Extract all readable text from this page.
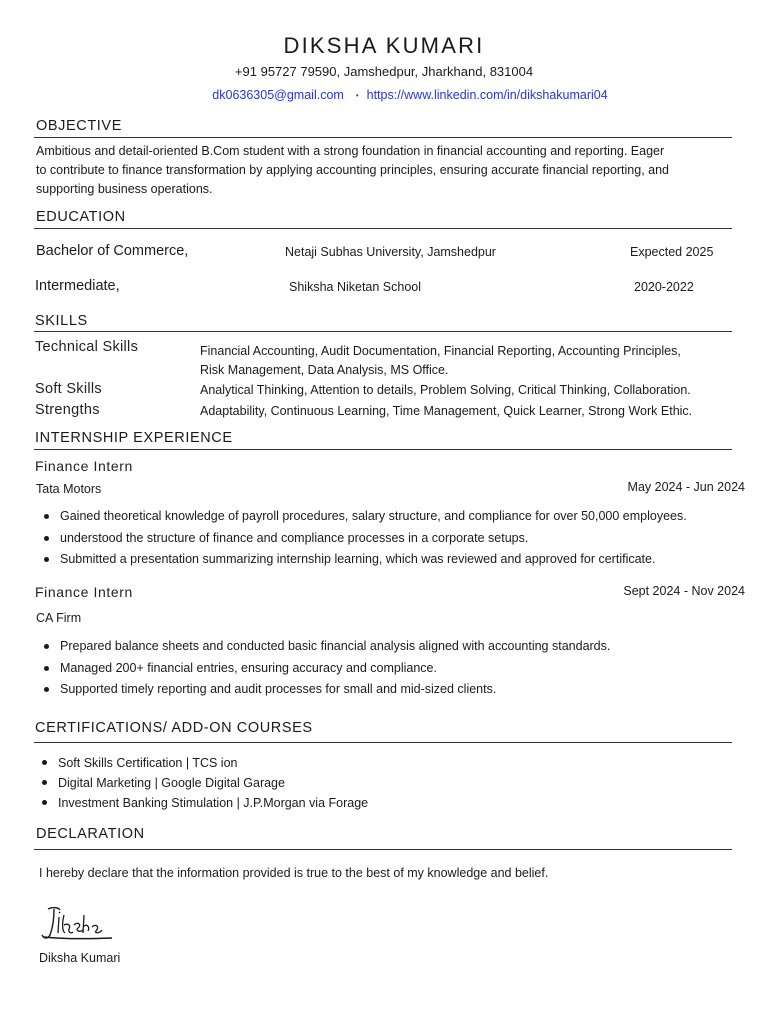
DIKSHA KUMARI
+91 95727 79590, Jamshedpur, Jharkhand, 831004
dk0636305@gmail.com • https://www.linkedin.com/in/dikshakumari04
OBJECTIVE
Ambitious and detail-oriented B.Com student with a strong foundation in financial accounting and reporting. Eager
to contribute to finance transformation by applying accounting principles, ensuring accurate financial reporting, and
supporting business operations.
EDUCATION
Bachelor of Commerce,	Netaji Subhas University, Jamshedpur	Expected 2025
Intermediate,	Shiksha Niketan School	2020-2022
SKILLS
Technical Skills	Financial Accounting, Audit Documentation, Financial Reporting, Accounting Principles,
Risk Management, Data Analysis, MS Office.
Soft Skills	Analytical Thinking, Attention to details, Problem Solving, Critical Thinking, Collaboration.
Strengths	Adaptability, Continuous Learning, Time Management, Quick Learner, Strong Work Ethic.
INTERNSHIP EXPERIENCE
Finance Intern
Tata Motors	May 2024 - Jun 2024
Gained theoretical knowledge of payroll procedures, salary structure, and compliance for over 50,000 employees.
understood the structure of finance and compliance processes in a corporate setups.
Submitted a presentation summarizing internship learning, which was reviewed and approved for certificate.
Finance Intern	Sept 2024 - Nov 2024
CA Firm
Prepared balance sheets and conducted basic financial analysis aligned with accounting standards.
Managed 200+ financial entries, ensuring accuracy and compliance.
Supported timely reporting and audit processes for small and mid-sized clients.
CERTIFICATIONS/ ADD-ON COURSES
Soft Skills Certification | TCS ion
Digital Marketing | Google Digital Garage
Investment Banking Stimulation | J.P.Morgan via Forage
DECLARATION
I hereby declare that the information provided is true to the best of my knowledge and belief.
Diksha
Diksha Kumari
